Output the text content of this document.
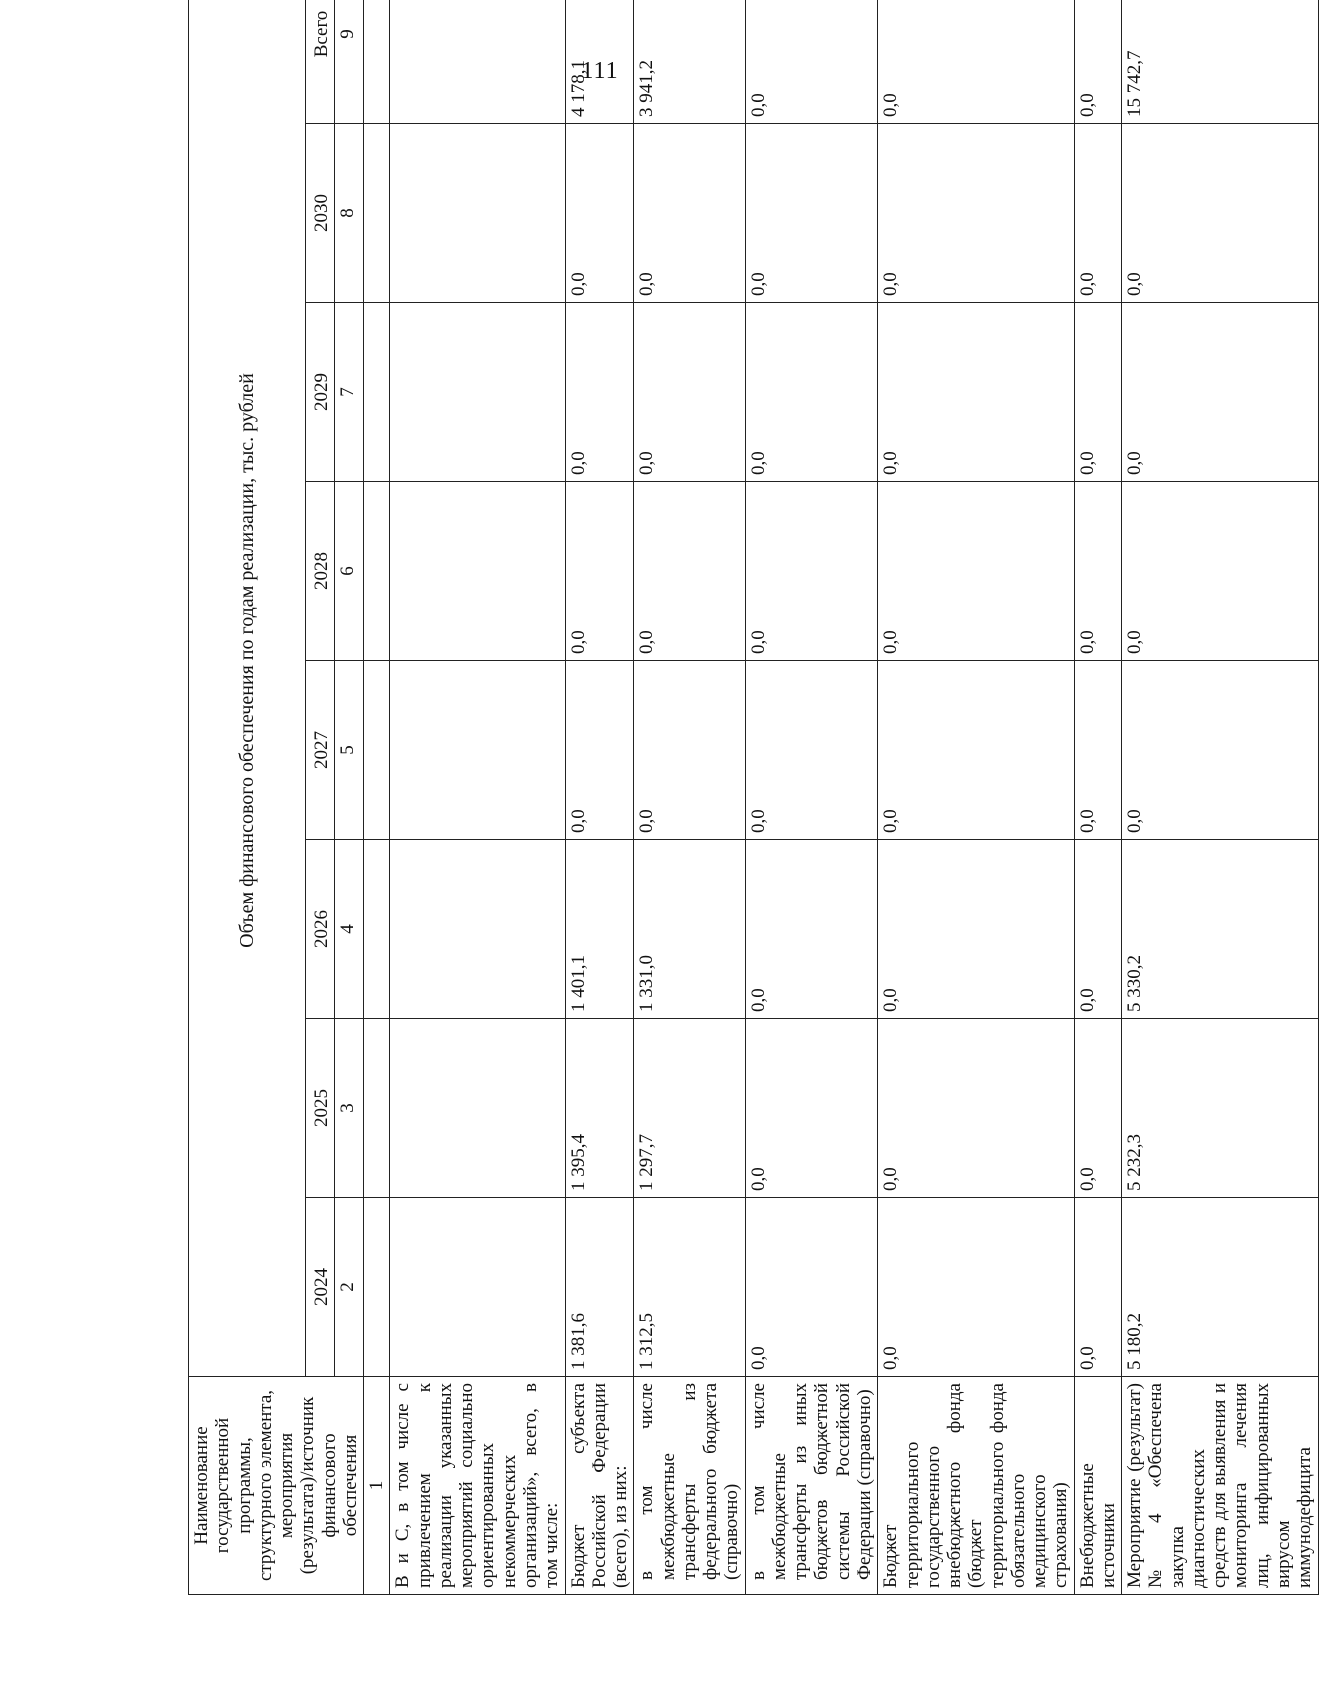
111
Наименование государственной программы, структурного элемента, мероприятия (результата)/источник финансового обеспечения	Объем финансового обеспечения по годам реализации, тыс. рублей							
	2024	2025	2026	2027	2028	2029	2030	Всего
	2	3	4	5	6	7	8	9
1								
В и С, в том числе с привлечением к реализации указанных мероприятий социально ориентированных некоммерческих организаций», всего, в том числе:								
Бюджет субъекта Российской Федерации (всего), из них:	1 381,6	1 395,4	1 401,1	0,0	0,0	0,0	0,0	4 178,1
в том числе межбюджетные трансферты из федерального бюджета (справочно)	1 312,5	1 297,7	1 331,0	0,0	0,0	0,0	0,0	3 941,2
в том числе межбюджетные трансферты из иных бюджетов бюджетной системы Российской Федерации (справочно)	0,0	0,0	0,0	0,0	0,0	0,0	0,0	0,0
Бюджет территориального государственного внебюджетного фонда (бюджет территориального фонда обязательного медицинского страхования)	0,0	0,0	0,0	0,0	0,0	0,0	0,0	0,0
Внебюджетные источники	0,0	0,0	0,0	0,0	0,0	0,0	0,0	0,0
Мероприятие (результат) № 4 «Обеспечена закупка диагностических средств для выявления и мониторинга лечения лиц, инфицированных вирусом иммунодефицита	5 180,2	5 232,3	5 330,2	0,0	0,0	0,0	0,0	15 742,7
